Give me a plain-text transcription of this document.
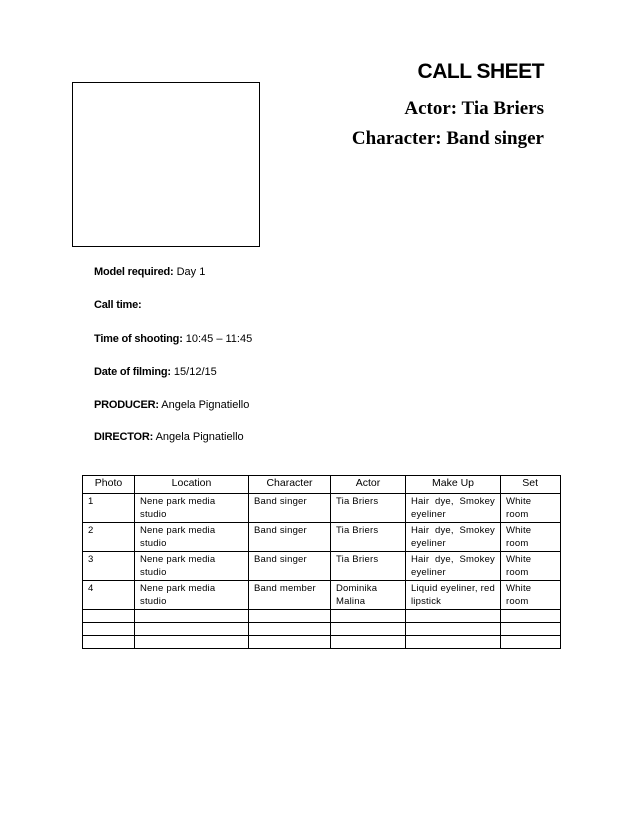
CALL SHEET
Actor: Tia Briers
Character: Band singer
Model required: Day 1
Call time:
Time of shooting: 10:45 – 11:45
Date of filming: 15/12/15
PRODUCER: Angela Pignatiello
DIRECTOR: Angela Pignatiello
Photo	Location	Character	Actor	Make Up	Set
1	Nene park media studio	Band singer	Tia Briers	Hair dye, Smokey eyeliner	White room
2	Nene park media studio	Band singer	Tia Briers	Hair dye, Smokey eyeliner	White room
3	Nene park media studio	Band singer	Tia Briers	Hair dye, Smokey eyeliner	White room
4	Nene park media studio	Band member	Dominika Malina	Liquid eyeliner, red lipstick	White room
